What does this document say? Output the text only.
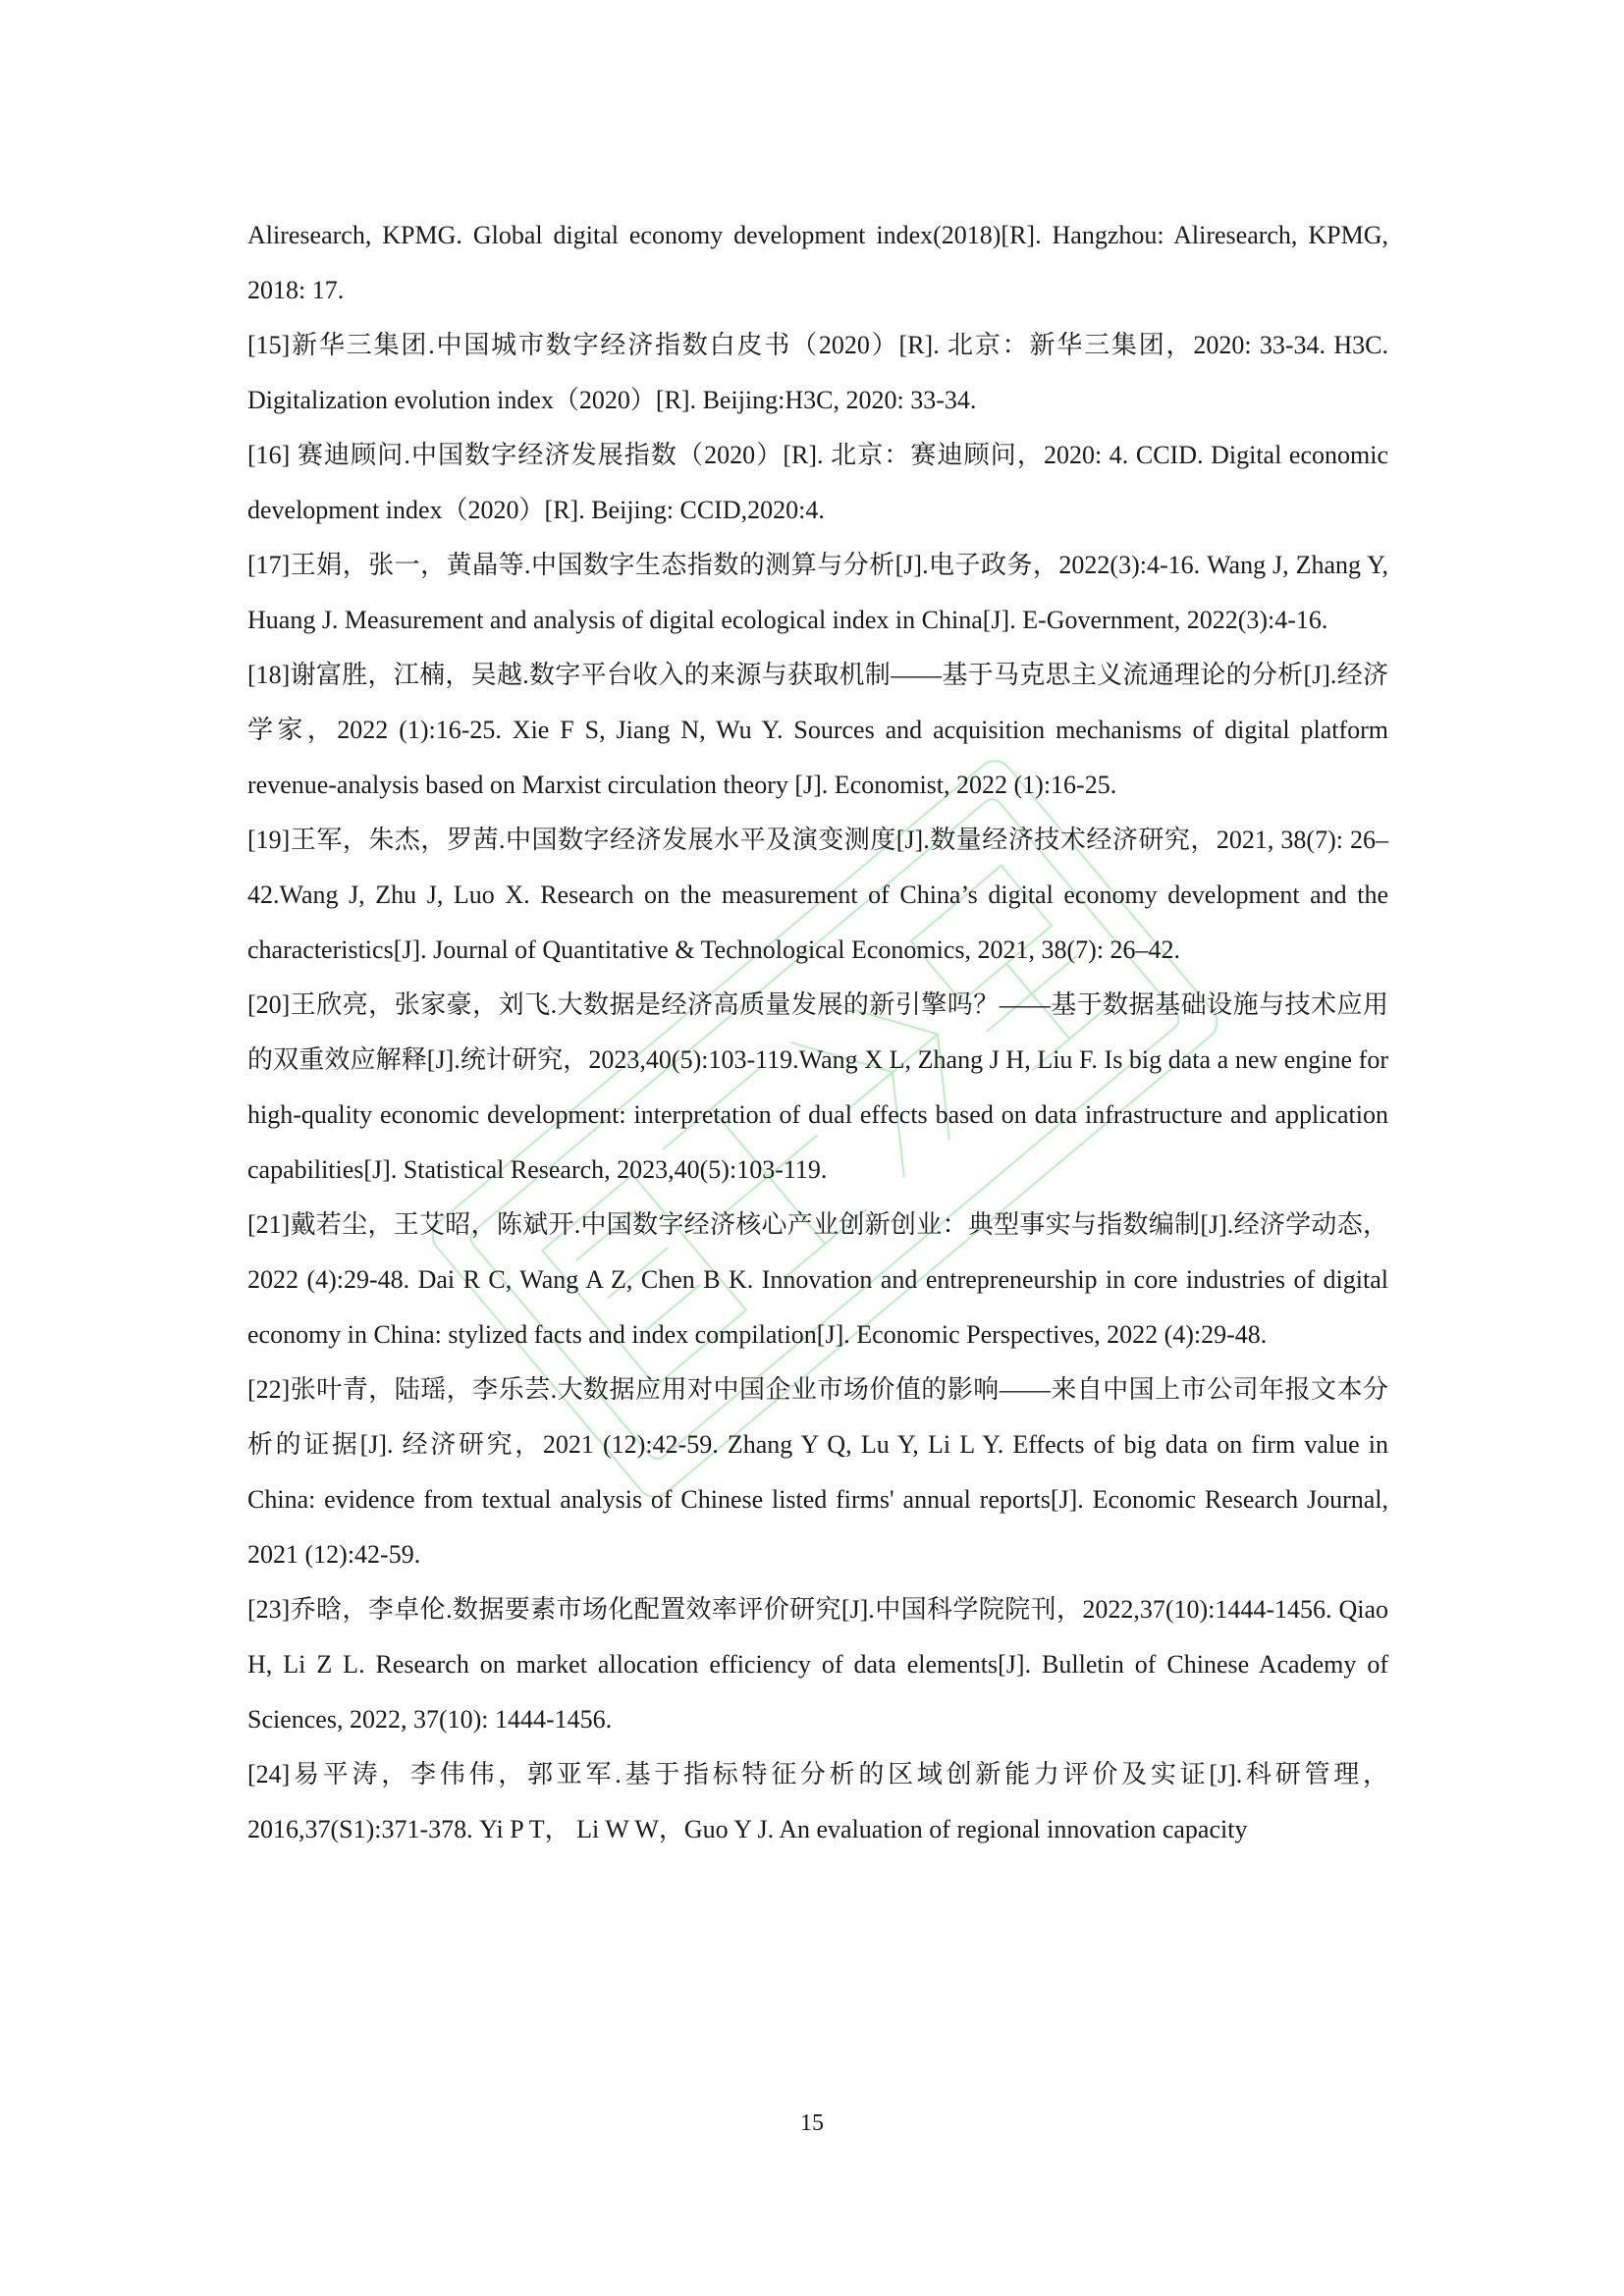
Aliresearch, KPMG. Global digital economy development index(2018)[R]. Hangzhou: Aliresearch, KPMG, 2018: 17.

[15]新华三集团.中国城市数字经济指数白皮书（2020）[R]. 北京：新华三集团，2020: 33-34. H3C. Digitalization evolution index（2020）[R]. Beijing:H3C, 2020: 33-34.

[16] 赛迪顾问.中国数字经济发展指数（2020）[R]. 北京：赛迪顾问，2020: 4. CCID. Digital economic development index（2020）[R]. Beijing: CCID,2020:4.

[17]王娟，张一，黄晶等.中国数字生态指数的测算与分析[J].电子政务，2022(3):4-16. Wang J, Zhang Y, Huang J. Measurement and analysis of digital ecological index in China[J]. E-Government, 2022(3):4-16.

[18]谢富胜，江楠，吴越.数字平台收入的来源与获取机制——基于马克思主义流通理论的分析[J].经济学家，2022 (1):16-25. Xie F S, Jiang N, Wu Y. Sources and acquisition mechanisms of digital platform revenue-analysis based on Marxist circulation theory [J]. Economist, 2022 (1):16-25.

[19]王军，朱杰，罗茜.中国数字经济发展水平及演变测度[J].数量经济技术经济研究，2021, 38(7): 26–42.Wang J, Zhu J, Luo X. Research on the measurement of China’s digital economy development and the characteristics[J]. Journal of Quantitative & Technological Economics, 2021, 38(7): 26–42.

[20]王欣亮，张家豪，刘飞.大数据是经济高质量发展的新引擎吗？——基于数据基础设施与技术应用的双重效应解释[J].统计研究，2023,40(5):103-119.Wang X L, Zhang J H, Liu F. Is big data a new engine for high-quality economic development: interpretation of dual effects based on data infrastructure and application capabilities[J]. Statistical Research, 2023,40(5):103-119.

[21]戴若尘，王艾昭，陈斌开.中国数字经济核心产业创新创业：典型事实与指数编制[J].经济学动态，2022 (4):29-48. Dai R C, Wang A Z, Chen B K. Innovation and entrepreneurship in core industries of digital economy in China: stylized facts and index compilation[J]. Economic Perspectives, 2022 (4):29-48.

[22]张叶青，陆瑶，李乐芸.大数据应用对中国企业市场价值的影响——来自中国上市公司年报文本分析的证据[J]. 经济研究，2021 (12):42-59. Zhang Y Q, Lu Y, Li L Y. Effects of big data on firm value in China: evidence from textual analysis of Chinese listed firms' annual reports[J]. Economic Research Journal, 2021 (12):42-59.

[23]乔晗，李卓伦.数据要素市场化配置效率评价研究[J].中国科学院院刊，2022,37(10):1444-1456. Qiao H, Li Z L. Research on market allocation efficiency of data elements[J]. Bulletin of Chinese Academy of Sciences, 2022, 37(10): 1444-1456.

[24]易平涛，李伟伟，郭亚军.基于指标特征分析的区域创新能力评价及实证[J].科研管理，2016,37(S1):371-378. Yi P T， Li W W，Guo Y J. An evaluation of regional innovation capacity

15
